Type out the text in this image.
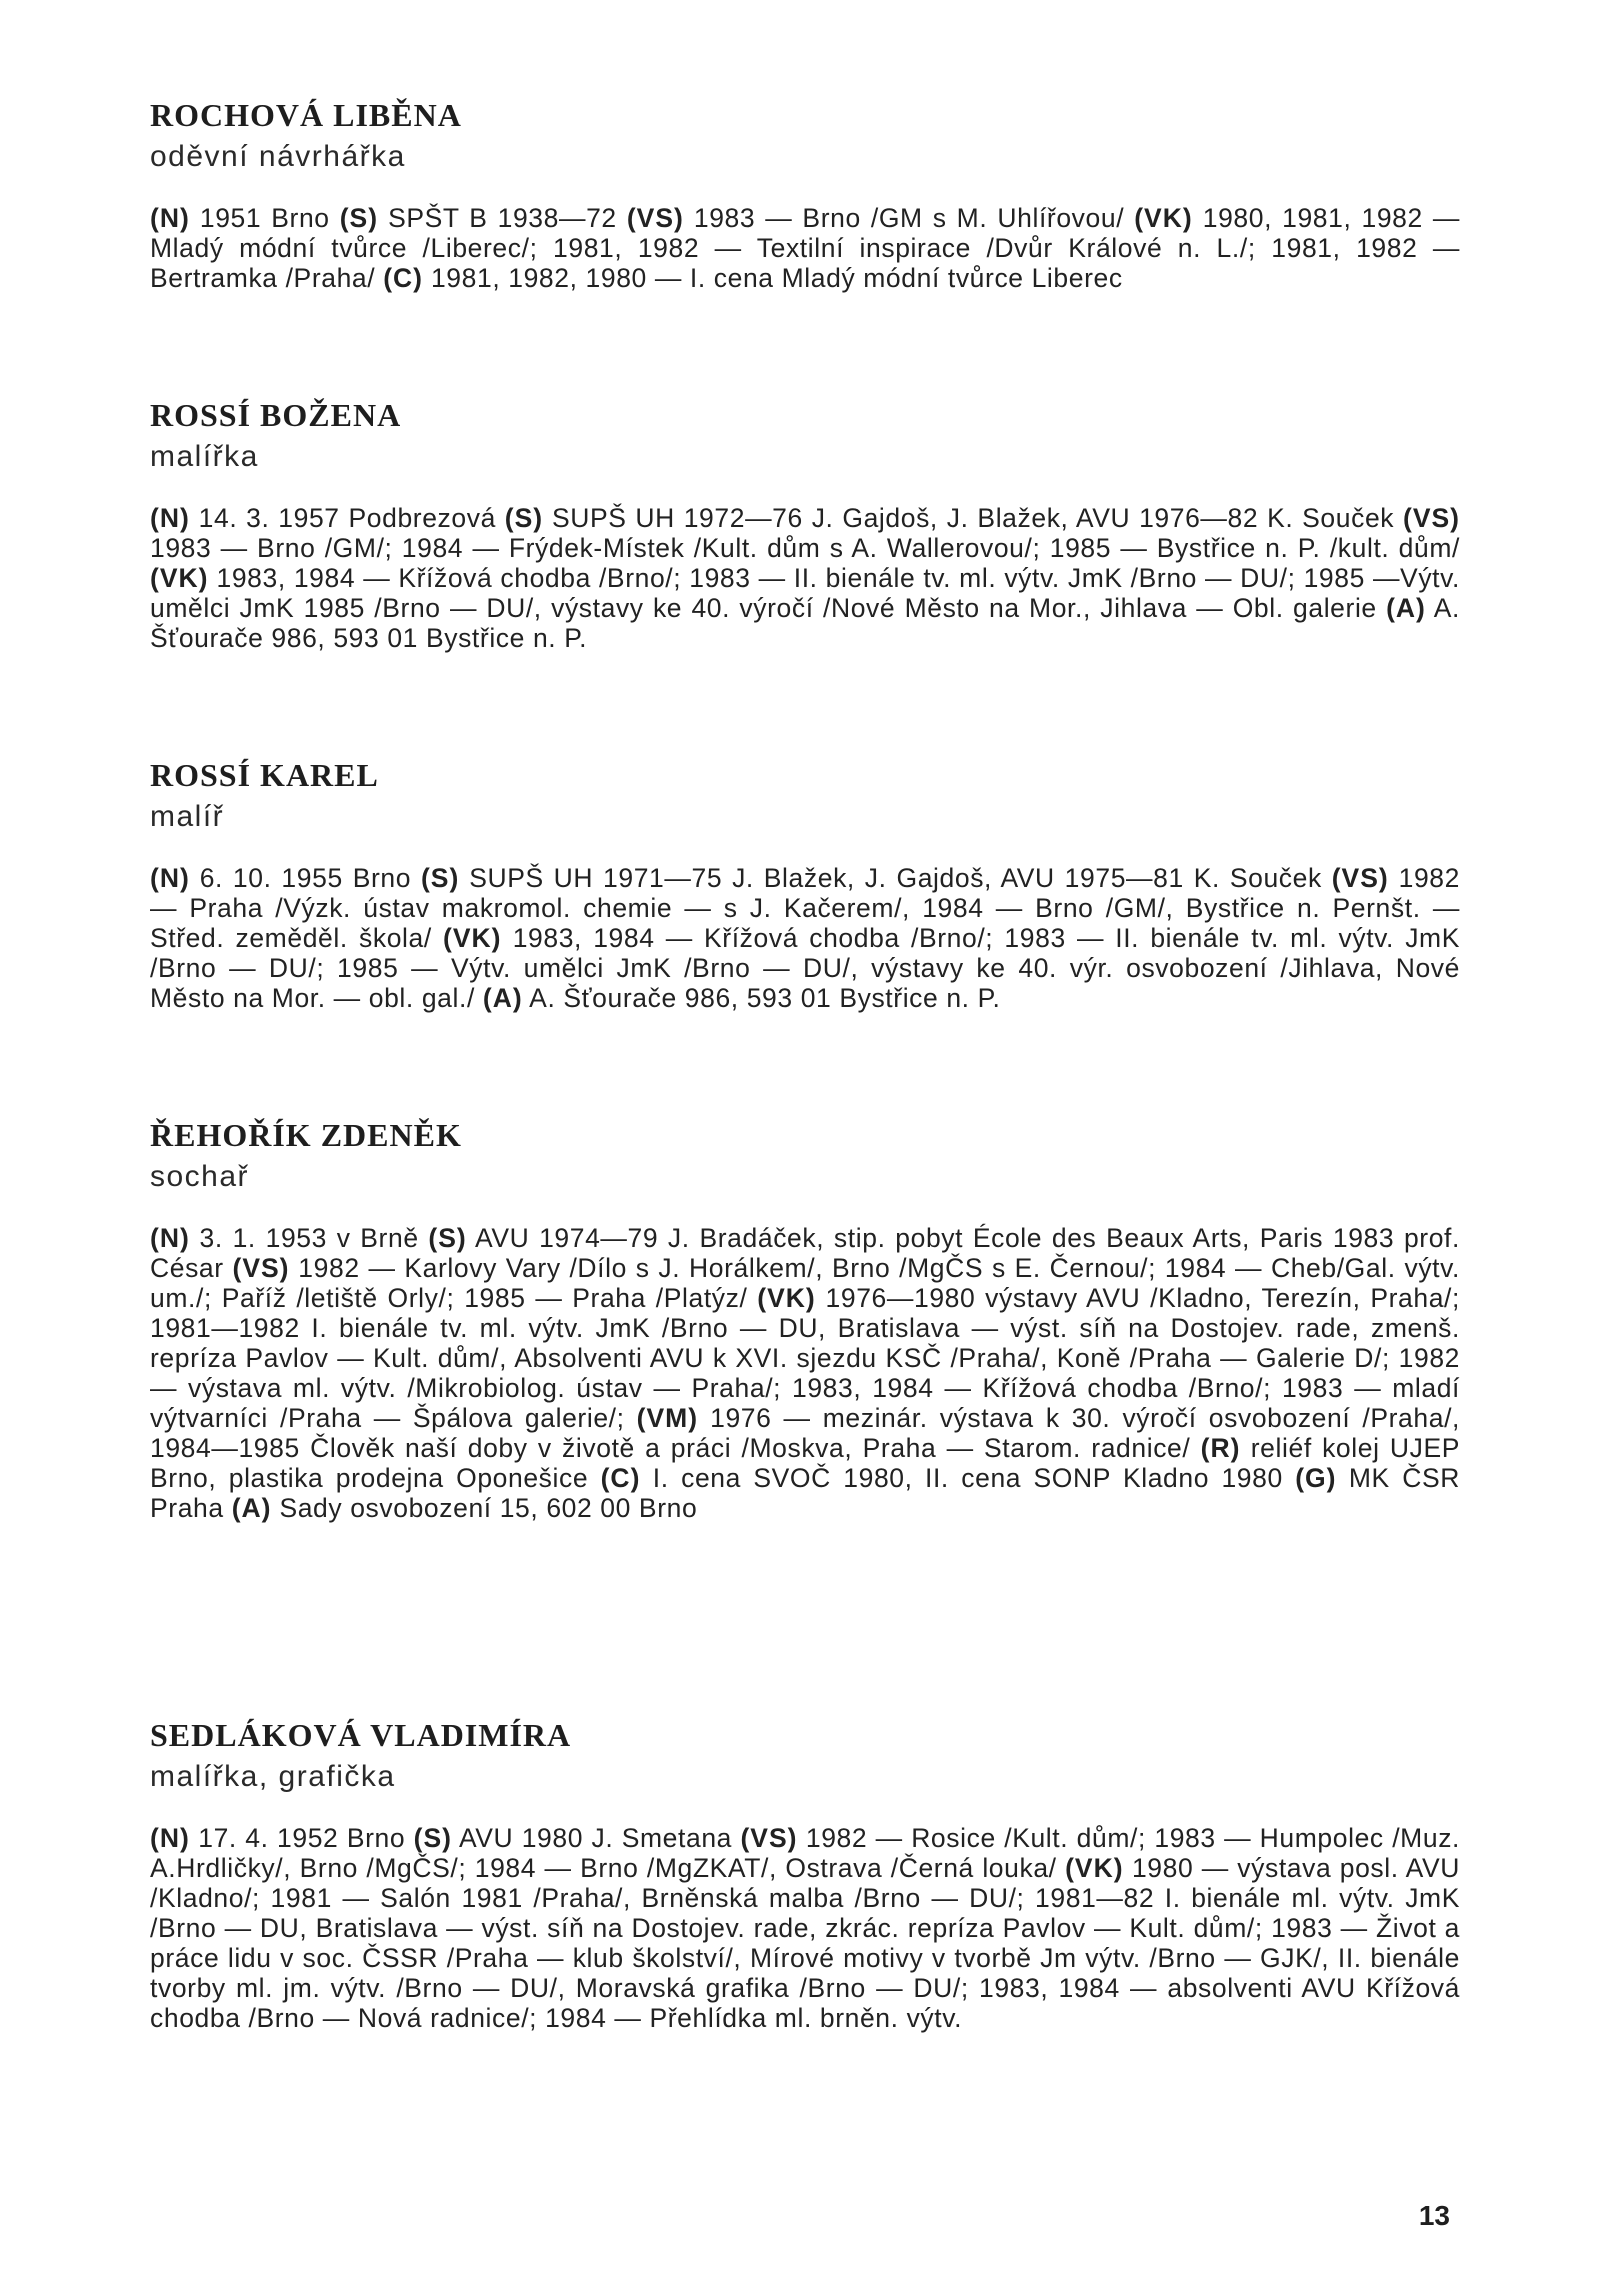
ROCHOVÁ LIBĚNA
oděvní návrhářka

(N) 1951 Brno (S) SPŠT B 1938—72 (VS) 1983 — Brno /GM s M. Uhlířovou/ (VK) 1980, 1981, 1982 — Mladý módní tvůrce /Liberec/; 1981, 1982 — Textilní inspirace /Dvůr Králové n. L./; 1981, 1982 — Bertramka /Praha/ (C) 1981, 1982, 1980 — I. cena Mladý módní tvůrce Liberec

ROSSÍ BOŽENA
malířka

(N) 14. 3. 1957 Podbrezová (S) SUPŠ UH 1972—76 J. Gajdoš, J. Blažek, AVU 1976—82 K. Souček (VS) 1983 — Brno /GM/; 1984 — Frýdek-Místek /Kult. dům s A. Wallerovou/; 1985 — Bystřice n. P. /kult. dům/ (VK) 1983, 1984 — Křížová chodba /Brno/; 1983 — II. bienále tv. ml. výtv. JmK /Brno — DU/; 1985 —Výtv. umělci JmK 1985 /Brno — DU/, výstavy ke 40. výročí /Nové Město na Mor., Jihlava — Obl. galerie (A) A. Šťourače 986, 593 01 Bystřice n. P.

ROSSÍ KAREL
malíř

(N) 6. 10. 1955 Brno (S) SUPŠ UH 1971—75 J. Blažek, J. Gajdoš, AVU 1975—81 K. Souček (VS) 1982 — Praha /Výzk. ústav makromol. chemie — s J. Kačerem/, 1984 — Brno /GM/, Bystřice n. Pernšt. — Střed. zeměděl. škola/ (VK) 1983, 1984 — Křížová chodba /Brno/; 1983 — II. bienále tv. ml. výtv. JmK /Brno — DU/; 1985 — Výtv. umělci JmK /Brno — DU/, výstavy ke 40. výr. osvobození /Jihlava, Nové Město na Mor. — obl. gal./ (A) A. Šťourače 986, 593 01 Bystřice n. P.

ŘEHOŘÍK ZDENĚK
sochař

(N) 3. 1. 1953 v Brně (S) AVU 1974—79 J. Bradáček, stip. pobyt École des Beaux Arts, Paris 1983 prof. César (VS) 1982 — Karlovy Vary /Dílo s J. Horálkem/, Brno /MgČS s E. Černou/; 1984 — Cheb/Gal. výtv. um./; Paříž /letiště Orly/; 1985 — Praha /Platýz/ (VK) 1976—1980 výstavy AVU /Kladno, Terezín, Praha/; 1981—1982 I. bienále tv. ml. výtv. JmK /Brno — DU, Bratislava — výst. síň na Dostojev. rade, zmenš. repríza Pavlov — Kult. dům/, Absolventi AVU k XVI. sjezdu KSČ /Praha/, Koně /Praha — Galerie D/; 1982 — výstava ml. výtv. /Mikrobiolog. ústav — Praha/; 1983, 1984 — Křížová chodba /Brno/; 1983 — mladí výtvarníci /Praha — Špálova galerie/; (VM) 1976 — mezinár. výstava k 30. výročí osvobození /Praha/, 1984—1985 Člověk naší doby v životě a práci /Moskva, Praha — Starom. radnice/ (R) reliéf kolej UJEP Brno, plastika prodejna Oponešice (C) I. cena SVOČ 1980, II. cena SONP Kladno 1980 (G) MK ČSR Praha (A) Sady osvobození 15, 602 00 Brno

SEDLÁKOVÁ VLADIMÍRA
malířka, grafička

(N) 17. 4. 1952 Brno (S) AVU 1980 J. Smetana (VS) 1982 — Rosice /Kult. dům/; 1983 — Humpolec /Muz. A.Hrdličky/, Brno /MgČS/; 1984 — Brno /MgZKAT/, Ostrava /Černá louka/ (VK) 1980 — výstava posl. AVU /Kladno/; 1981 — Salón 1981 /Praha/, Brněnská malba /Brno — DU/; 1981—82 I. bienále ml. výtv. JmK /Brno — DU, Bratislava — výst. síň na Dostojev. rade, zkrác. repríza Pavlov — Kult. dům/; 1983 — Život a práce lidu v soc. ČSSR /Praha — klub školství/, Mírové motivy v tvorbě Jm výtv. /Brno — GJK/, II. bienále tvorby ml. jm. výtv. /Brno — DU/, Moravská grafika /Brno — DU/; 1983, 1984 — absolventi AVU Křížová chodba /Brno — Nová radnice/; 1984 — Přehlídka ml. brněn. výtv.

13
